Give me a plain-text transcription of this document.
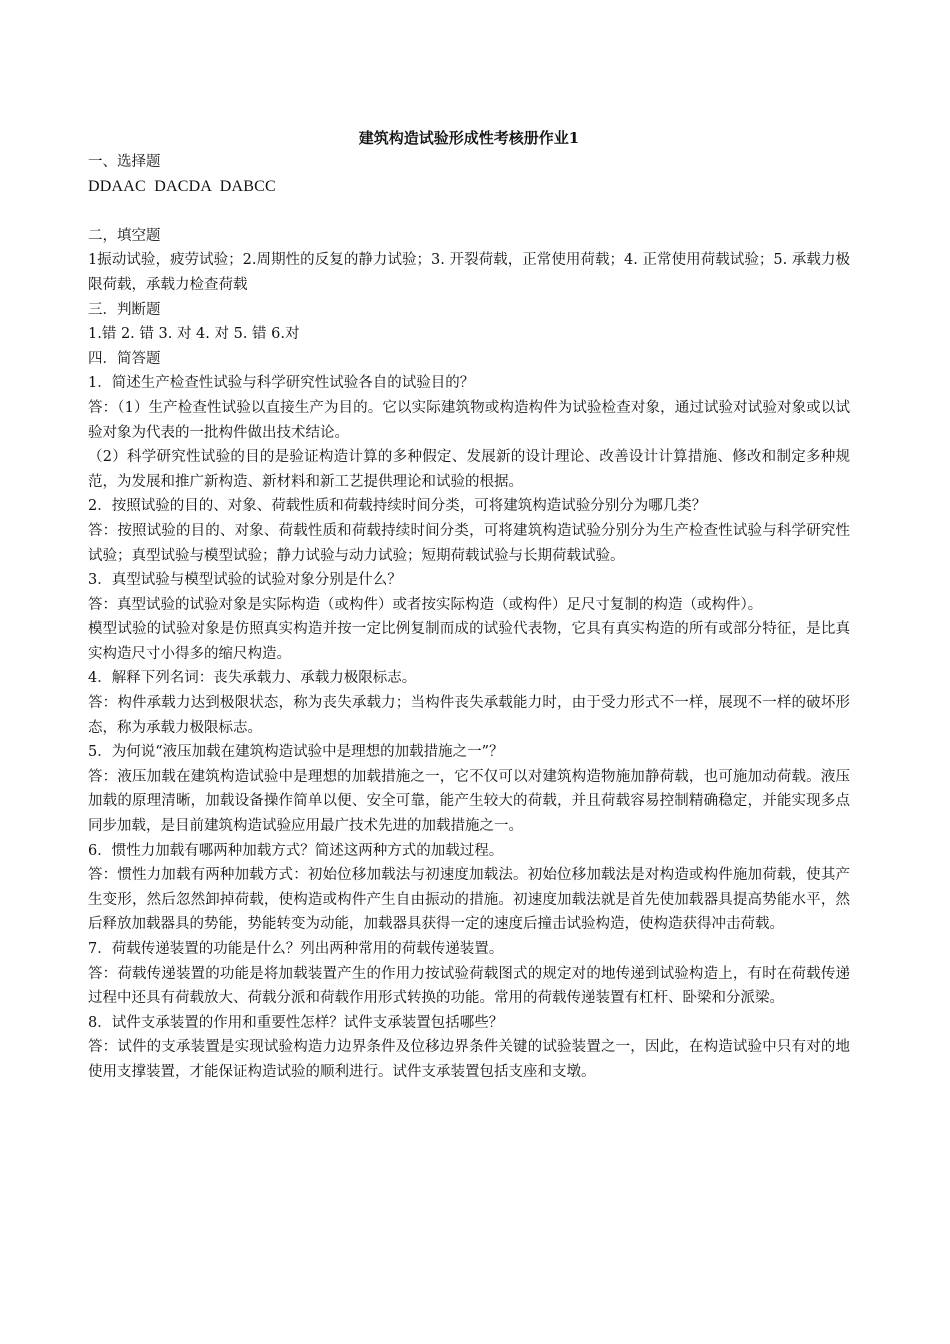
建筑构造试验形成性考核册作业1

一、选择题

DDAAC  DACDA  DABCC

二，填空题

1振动试验，疲劳试验；2.周期性的反复的静力试验；3. 开裂荷载，正常使用荷载；4. 正常使用荷载试验；5. 承载力极限荷载，承载力检查荷载

三．判断题

1.错 2. 错 3. 对 4. 对 5. 错 6.对

四．简答题

1．简述生产检查性试验与科学研究性试验各自的试验目的？

答：（1）生产检查性试验以直接生产为目的。它以实际建筑物或构造构件为试验检查对象，通过试验对试验对象或以试验对象为代表的一批构件做出技术结论。

（2）科学研究性试验的目的是验证构造计算的多种假定、发展新的设计理论、改善设计计算措施、修改和制定多种规范，为发展和推广新构造、新材料和新工艺提供理论和试验的根据。

2．按照试验的目的、对象、荷载性质和荷载持续时间分类，可将建筑构造试验分别分为哪几类？

答：按照试验的目的、对象、荷载性质和荷载持续时间分类，可将建筑构造试验分别分为生产检查性试验与科学研究性试验；真型试验与模型试验；静力试验与动力试验；短期荷载试验与长期荷载试验。

3．真型试验与模型试验的试验对象分别是什么？

答：真型试验的试验对象是实际构造（或构件）或者按实际构造（或构件）足尺寸复制的构造（或构件）。

模型试验的试验对象是仿照真实构造并按一定比例复制而成的试验代表物，它具有真实构造的所有或部分特征，是比真实构造尺寸小得多的缩尺构造。

4．解释下列名词：丧失承载力、承载力极限标志。

答：构件承载力达到极限状态，称为丧失承载力；当构件丧失承载能力时，由于受力形式不一样，展现不一样的破坏形态，称为承载力极限标志。

5．为何说“液压加载在建筑构造试验中是理想的加载措施之一”？

答：液压加载在建筑构造试验中是理想的加载措施之一，它不仅可以对建筑构造物施加静荷载，也可施加动荷载。液压加载的原理清晰，加载设备操作简单以便、安全可靠，能产生较大的荷载，并且荷载容易控制精确稳定，并能实现多点同步加载，是目前建筑构造试验应用最广技术先进的加载措施之一。

6．惯性力加载有哪两种加载方式？简述这两种方式的加载过程。

答：惯性力加载有两种加载方式：初始位移加载法与初速度加载法。初始位移加载法是对构造或构件施加荷载，使其产生变形，然后忽然卸掉荷载，使构造或构件产生自由振动的措施。初速度加载法就是首先使加载器具提高势能水平，然后释放加载器具的势能，势能转变为动能，加载器具获得一定的速度后撞击试验构造，使构造获得冲击荷载。

7．荷载传递装置的功能是什么？列出两种常用的荷载传递装置。

答：荷载传递装置的功能是将加载装置产生的作用力按试验荷载图式的规定对的地传递到试验构造上，有时在荷载传递过程中还具有荷载放大、荷载分派和荷载作用形式转换的功能。常用的荷载传递装置有杠杆、卧梁和分派梁。

8．试件支承装置的作用和重要性怎样？试件支承装置包括哪些？

答：试件的支承装置是实现试验构造力边界条件及位移边界条件关键的试验装置之一，因此，在构造试验中只有对的地使用支撑装置，才能保证构造试验的顺利进行。试件支承装置包括支座和支墩。
